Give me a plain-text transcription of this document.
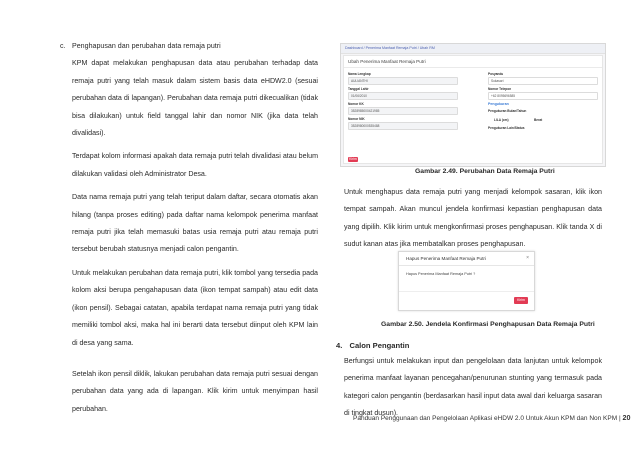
c. Penghapusan dan perubahan data remaja putri

KPM dapat melakukan penghapusan data atau perubahan terhadap data remaja putri yang telah masuk dalam sistem basis data eHDW2.0 (sesuai perubahan data di lapangan). Perubahan data remaja putri dikecualikan (tidak bisa dilakukan) untuk field tanggal lahir dan nomor NIK (jika data telah divalidasi).

Terdapat kolom informasi apakah data remaja putri telah divalidasi atau belum dilakukan validasi oleh Administrator Desa.

Data nama remaja putri yang telah teriput dalam daftar, secara otomatis akan hilang (tanpa proses editing) pada daftar nama kelompok penerima manfaat remaja putri jika telah memasuki batas usia remaja putri atau remaja putri tersebut berubah statusnya menjadi calon pengantin.

Untuk melakukan perubahan data remaja putri, klik tombol yang tersedia pada kolom aksi berupa pengahapusan data (ikon tempat sampah) atau edit data (ikon pensil). Sebagai catatan, apabila terdapat nama remaja putri yang tidak memiliki tombol aksi, maka hal ini berarti data tersebut diinput oleh KPM lain di desa yang sama.

Setelah ikon pensil diklik, lakukan perubahan data remaja putri sesuai dengan perubahan data yang ada di lapangan. Klik kirim untuk menyimpan hasil perubahan.

Dashboard / Penerima Manfaat Remaja Putri / Ubah RM
Ubah Penerima Manfaat Remaja Putri
Nama Lengkap
AULIANTHI
Tanggal Lahir
01/06/2010
Nomor KK
3528985000421985
Nomor NIK
3528980000535488
Posyandu
Sukasari
Nomor Telepon
+62 8095696585
Pengukuran
Pengukuran Bulan/Tahun
LILA (cm)	Berat
Pengukuran Lain/Status
Kirim
Gambar 2.49. Perubahan Data Remaja Putri
Untuk menghapus data remaja putri yang menjadi kelompok sasaran, klik ikon tempat sampah. Akan muncul jendela konfirmasi kepastian penghapusan data yang dipilih. Klik kirim untuk mengkonfirmasi proses penghapusan. Klik tanda X di sudut kanan atas jika membatalkan proses penghapusan.
Hapus Penerima Manfaat Remaja Putri	×
Hapus Penerima Manfaat Remaja Putri ?
Kirim
Gambar 2.50. Jendela Konfirmasi Penghapusan Data Remaja Putri
4. Calon Pengantin
Berfungsi untuk melakukan input dan pengelolaan data lanjutan untuk kelompok penerima manfaat layanan pencegahan/penurunan stunting yang termasuk pada kategori calon pengantin (berdasarkan hasil input data awal dari keluarga sasaran di tingkat dusun).
Panduan Penggunaan dan Pengelolaan Aplikasi eHDW 2.0 Untuk Akun KPM dan Non KPM | 20
